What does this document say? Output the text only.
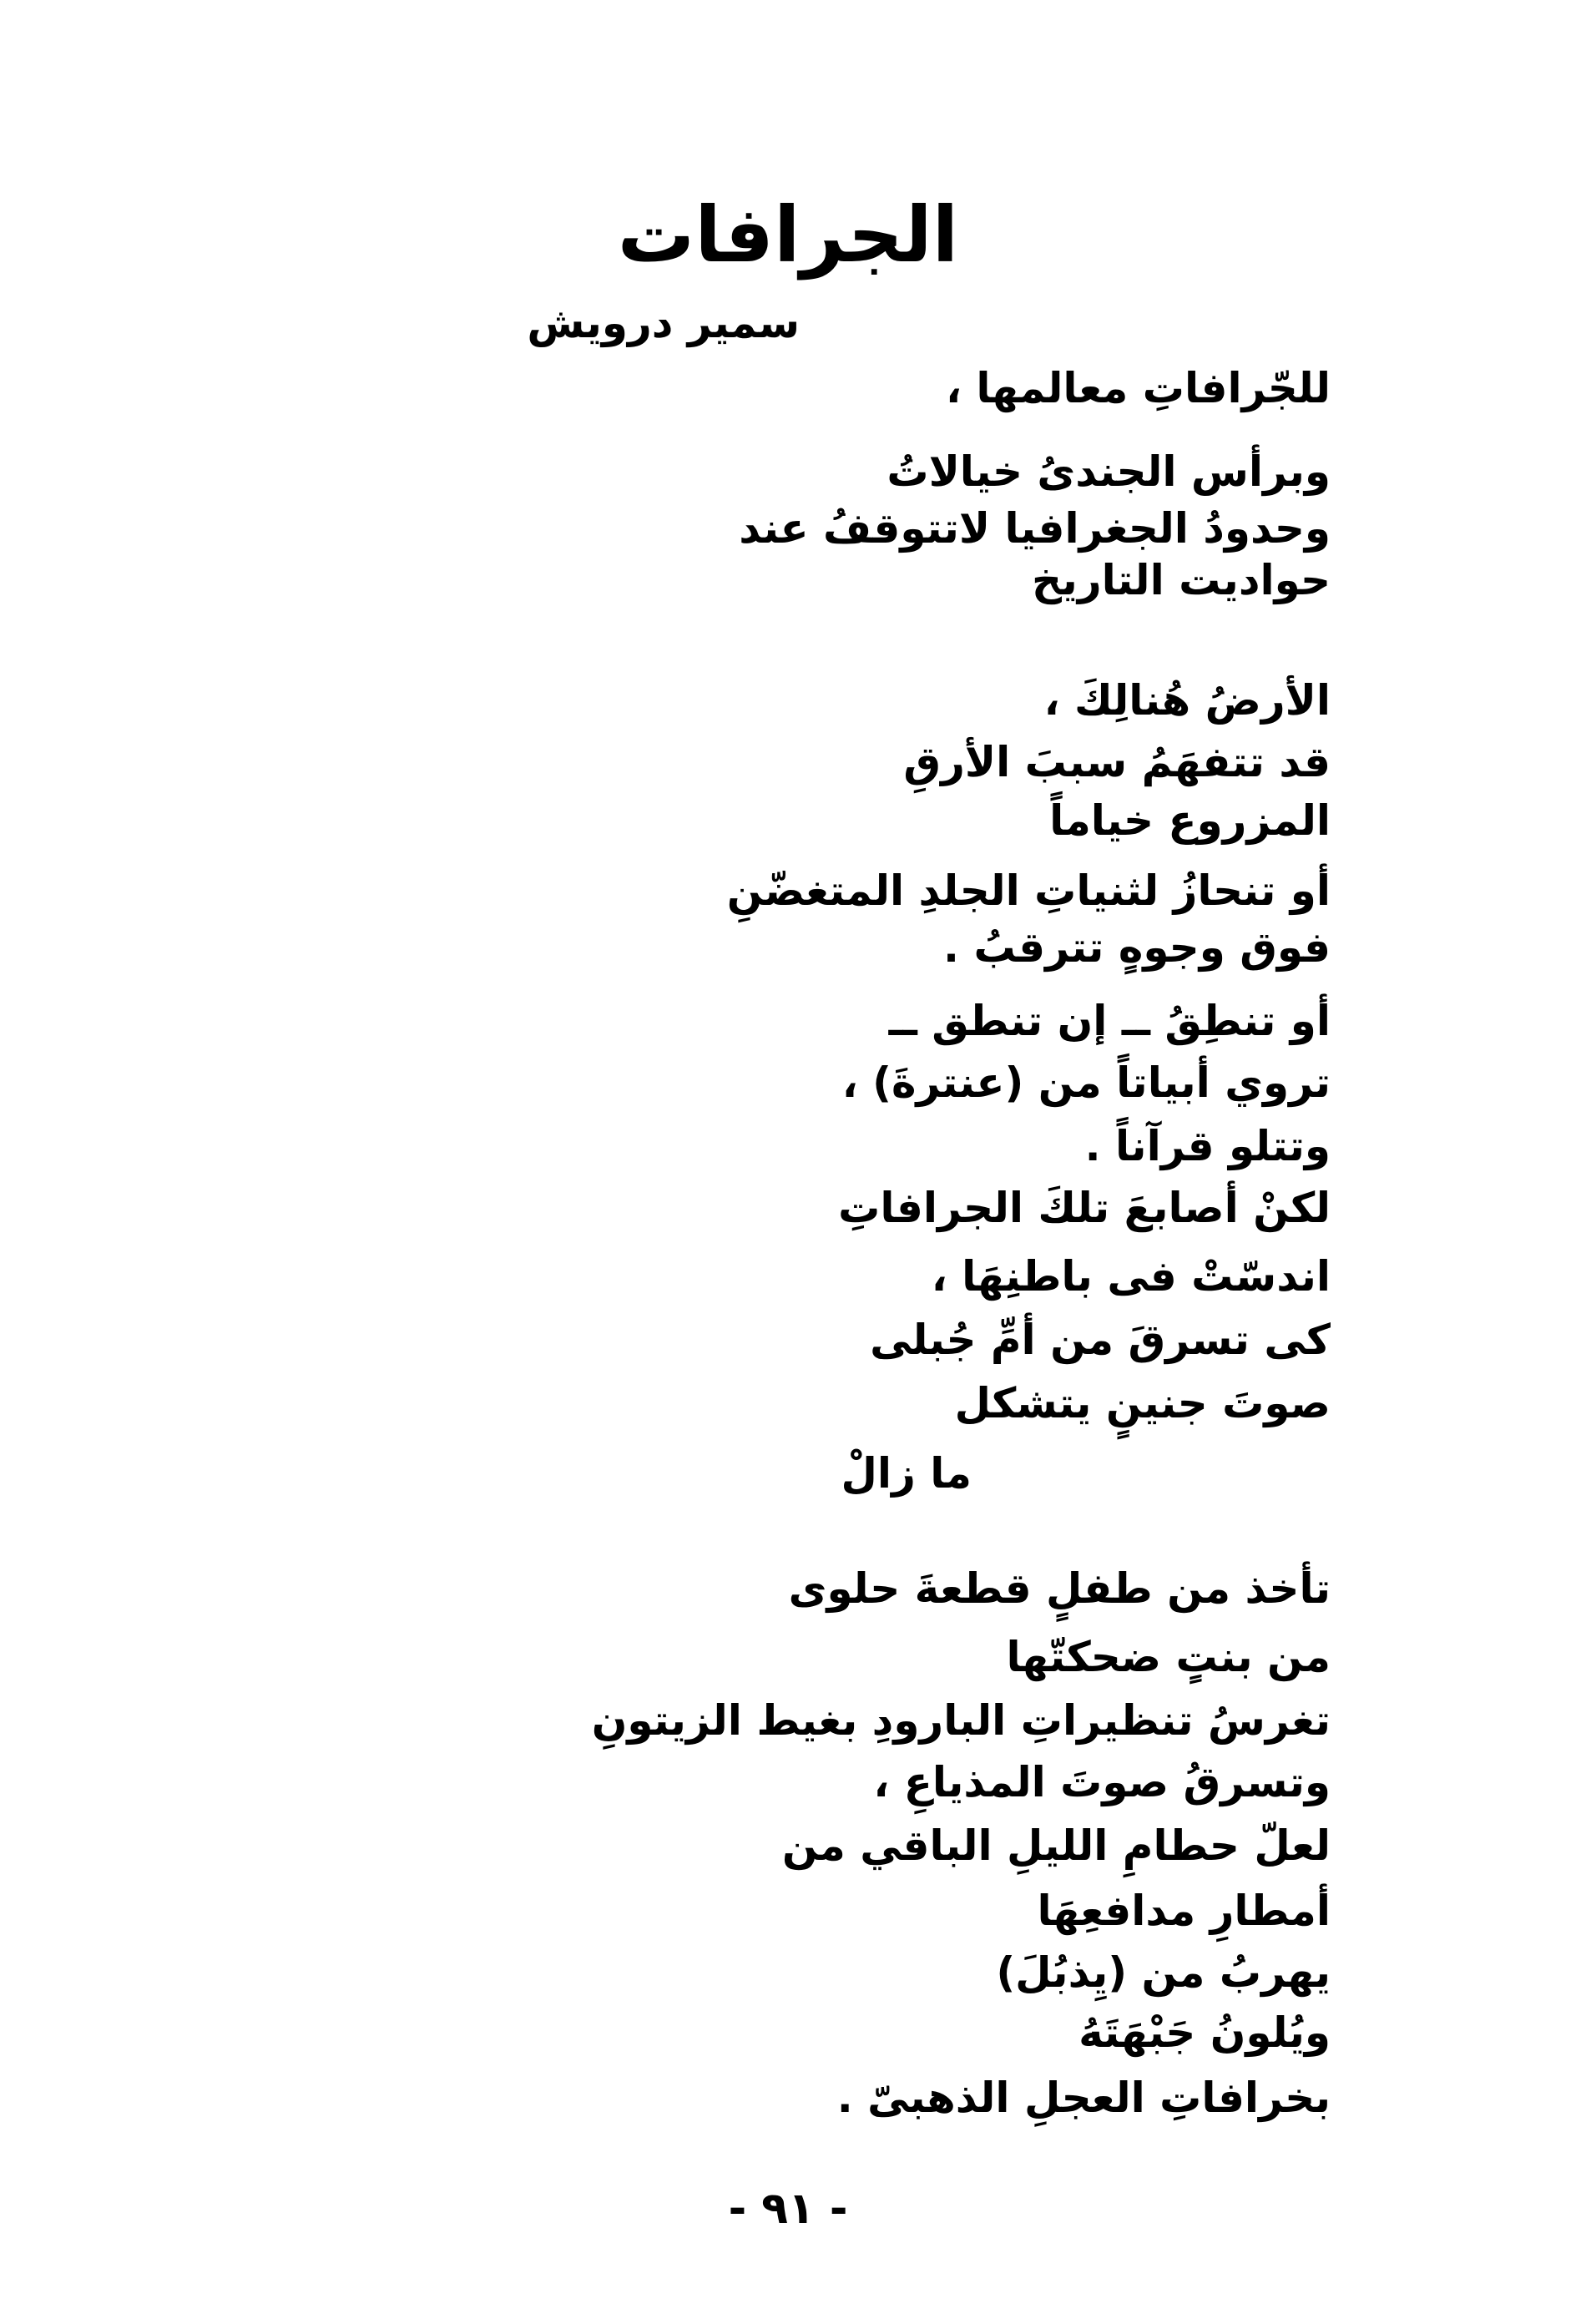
الجرافات
سمير درويش
للجّرافاتِ معالمها ،
وبرأس الجندىُ خيالاتُ
وحدودُ الجغرافيا لاتتوقفُ عند
حواديت التاريخ
الأرضُ هُنالِكَ ،
قد تتفهَمُ سببَ الأرقِ
المزروع خياماً
أو تنحازُ لثنياتِ الجلدِ المتغضّنِ
فوق وجوهٍ تترقبُ .
أو تنطِقُ ــ إن تنطق ــ
تروي أبياتاً من (عنترةَ) ،
وتتلو قرآناً .
لكنْ أصابعَ تلكَ الجرافاتِ
اندسّتْ فى باطنِهَا ،
كى تسرقَ من أمِّ جُبلى
صوتَ جنينٍ يتشكل
ما زالْ
تأخذ من طفلٍ قطعةَ حلوى
من بنتٍ ضحكتّها
تغرسُ تنظيراتِ البارودِ بغيط الزيتونِ
وتسرقُ صوتَ المذياعِ ،
لعلّ حطامِ الليلِ الباقي من
أمطارِ مدافعِهَا
يهربُ من (يِذبُلَ)
ويُلونُ جَبْهَتَهُ
بخرافاتِ العجلِ الذهبىّ .
- ٩١ -
